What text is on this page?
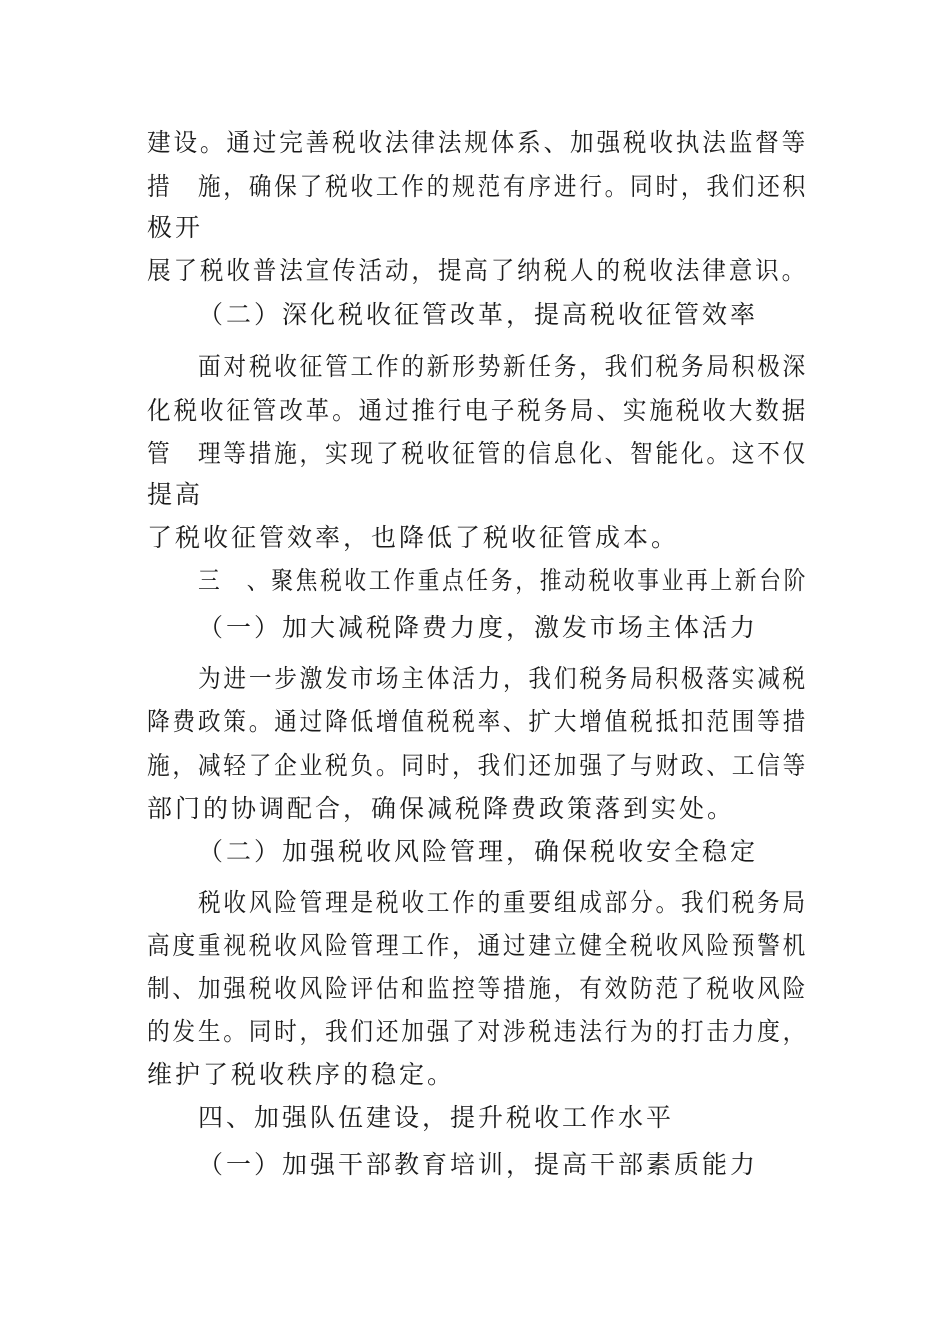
建设。通过完善税收法律法规体系、加强税收执法监督等
措　施，确保了税收工作的规范有序进行。同时，我们还积
极开
展了税收普法宣传活动，提高了纳税人的税收法律意识。
（二）深化税收征管改革，提高税收征管效率
面对税收征管工作的新形势新任务，我们税务局积极深
化税收征管改革。通过推行电子税务局、实施税收大数据
管　理等措施，实现了税收征管的信息化、智能化。这不仅
提高
了税收征管效率，也降低了税收征管成本。
三　、聚焦税收工作重点任务，推动税收事业再上新台阶
（一）加大减税降费力度，激发市场主体活力
为进一步激发市场主体活力，我们税务局积极落实减税
降费政策。通过降低增值税税率、扩大增值税抵扣范围等措
施，减轻了企业税负。同时，我们还加强了与财政、工信等
部门的协调配合，确保减税降费政策落到实处。
（二）加强税收风险管理，确保税收安全稳定
税收风险管理是税收工作的重要组成部分。我们税务局
高度重视税收风险管理工作，通过建立健全税收风险预警机
制、加强税收风险评估和监控等措施，有效防范了税收风险
的发生。同时，我们还加强了对涉税违法行为的打击力度，
维护了税收秩序的稳定。
四、加强队伍建设，提升税收工作水平
（一）加强干部教育培训，提高干部素质能力
